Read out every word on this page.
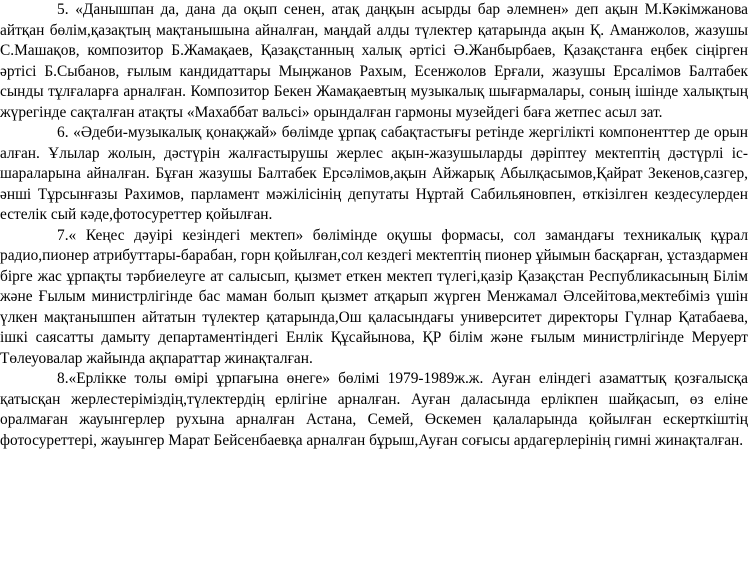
5. «Данышпан да, дана да оқып сенен, атақ даңқын асырды бар әлемнен» деп ақын М.Кәкімжанова айтқан бөлім,қазақтың мақтанышына айналған, маңдай алды түлектер қатарында ақын Қ. Аманжолов, жазушы С.Машақов, композитор Б.Жамақаев, Қазақстанның халық әртісі Ә.Жанбырбаев, Қазақстанға еңбек сіңірген әртісі Б.Сыбанов, ғылым кандидаттары Мыңжанов Рахым, Есенжолов Ерғали, жазушы Ерсалімов Балтабек сынды тұлғаларға арналған. Композитор Бекен Жамақаевтың музыкалық шығармалары, соның ішінде халықтың жүрегінде сақталған атақты «Махаббат вальсі» орындалған гармоны музейдегі баға жетпес асыл зат.

6. «Әдеби-музыкалық қонақжай» бөлімде ұрпақ сабақтастығы ретінде жергілікті компоненттер де орын алған. Ұлылар жолын, дәстүрін жалғастырушы жерлес ақын-жазушыларды дәріптеу мектептің дәстүрлі іс- шараларына айналған. Бұған жазушы Балтабек Ерсәлімов,ақын Айжарық Абылқасымов,Қайрат Зекенов,сазгер, әнші Тұрсынғазы Рахимов, парламент мәжілісінің депутаты Нұртай Сабильяновпен, өткізілген кездесулерден естелік сый кәде,фотосуреттер қойылған.

7.« Кеңес дәуірі кезіндегі мектеп» бөлімінде оқушы формасы, сол замандағы техникалық құрал радио,пионер атрибуттары-барабан, горн қойылған,сол кездегі мектептің пионер ұйымын басқарған, ұстаздармен бірге жас ұрпақты тәрбиелеуге ат салысып, қызмет еткен мектеп түлегі,қазір Қазақстан Республикасының Білім және Ғылым министрлігінде бас маман болып қызмет атқарып жүрген Менжамал Әлсейітова,мектебіміз үшін үлкен мақтанышпен айтатын түлектер қатарында,Ош қаласындағы университет директоры Гүлнар Қатабаева, ішкі саясатты дамыту департаментіндегі Енлік Құсайынова, ҚР білім және ғылым министрлігінде Меруерт Төлеуовалар жайында ақпараттар жинақталған.

8.«Ерлікке толы өмірі ұрпағына өнеге» бөлімі 1979-1989ж.ж. Ауған еліндегі азаматтық қозғалысқа қатысқан жерлестеріміздің,түлектердің ерлігіне арналған. Ауған даласында ерлікпен шайқасып, өз еліне оралмаған жауынгерлер рухына арналған Астана, Семей, Өскемен қалаларында қойылған ескерткіштің фотосуреттері, жауынгер Марат Бейсенбаевқа арналған бұрыш,Ауған соғысы ардагерлерінің гимні жинақталған.
